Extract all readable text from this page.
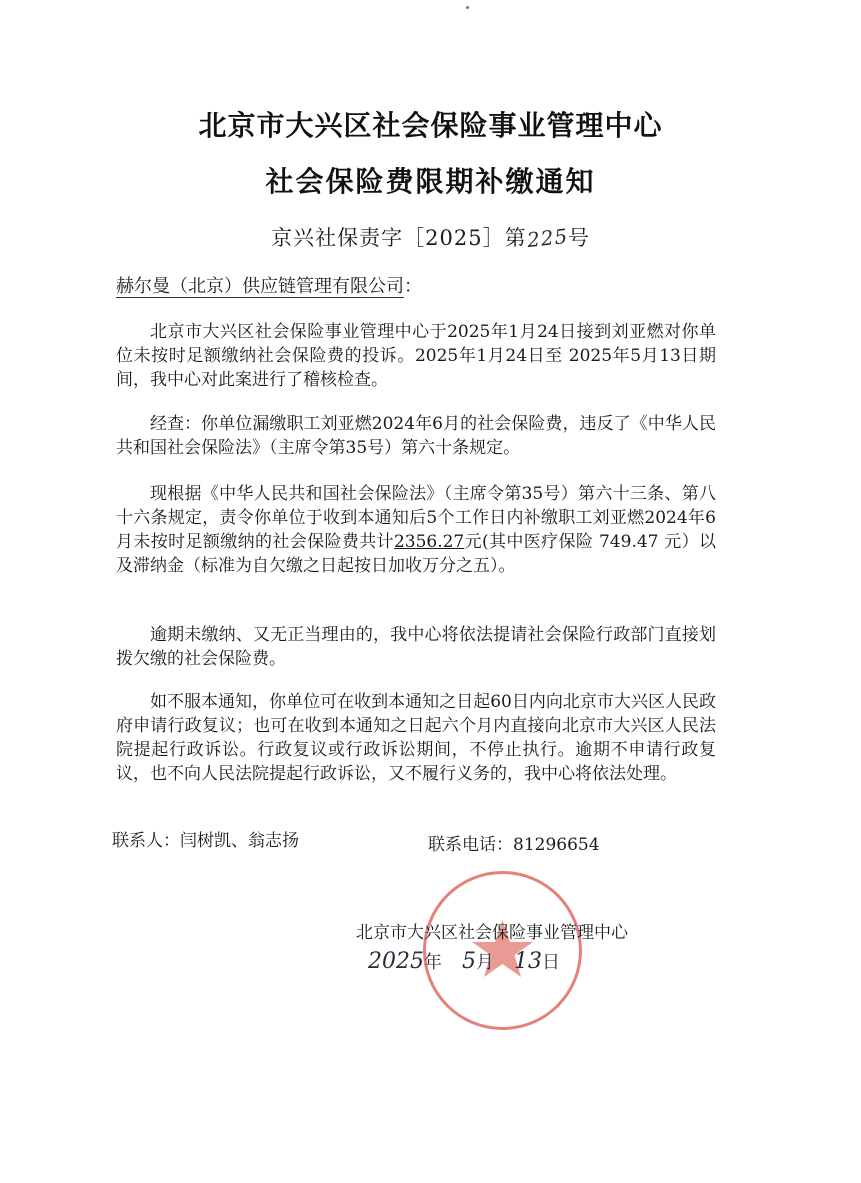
北京市大兴区社会保险事业管理中心
社会保险费限期补缴通知
京兴社保责字［2025］第225号
赫尔曼（北京）供应链管理有限公司：
北京市大兴区社会保险事业管理中心于2025年1月24日接到刘亚燃对你单位未按时足额缴纳社会保险费的投诉。2025年1月24日至 2025年5月13日期间，我中心对此案进行了稽核检查。
经查：你单位漏缴职工刘亚燃2024年6月的社会保险费，违反了《中华人民共和国社会保险法》（主席令第35号）第六十条规定。
现根据《中华人民共和国社会保险法》（主席令第35号）第六十三条、第八十六条规定，责令你单位于收到本通知后5个工作日内补缴职工刘亚燃2024年6月未按时足额缴纳的社会保险费共计2356.27元(其中医疗保险 749.47 元）以及滞纳金（标准为自欠缴之日起按日加收万分之五）。
逾期未缴纳、又无正当理由的，我中心将依法提请社会保险行政部门直接划拨欠缴的社会保险费。
如不服本通知，你单位可在收到本通知之日起60日内向北京市大兴区人民政府申请行政复议；也可在收到本通知之日起六个月内直接向北京市大兴区人民法院提起行政诉讼。行政复议或行政诉讼期间，不停止执行。逾期不申请行政复议，也不向人民法院提起行政诉讼，又不履行义务的，我中心将依法处理。
联系人：闫树凯、翁志扬	联系电话：81296654
北京市大兴区社会保险事业管理中心
2025年 5月 13日
